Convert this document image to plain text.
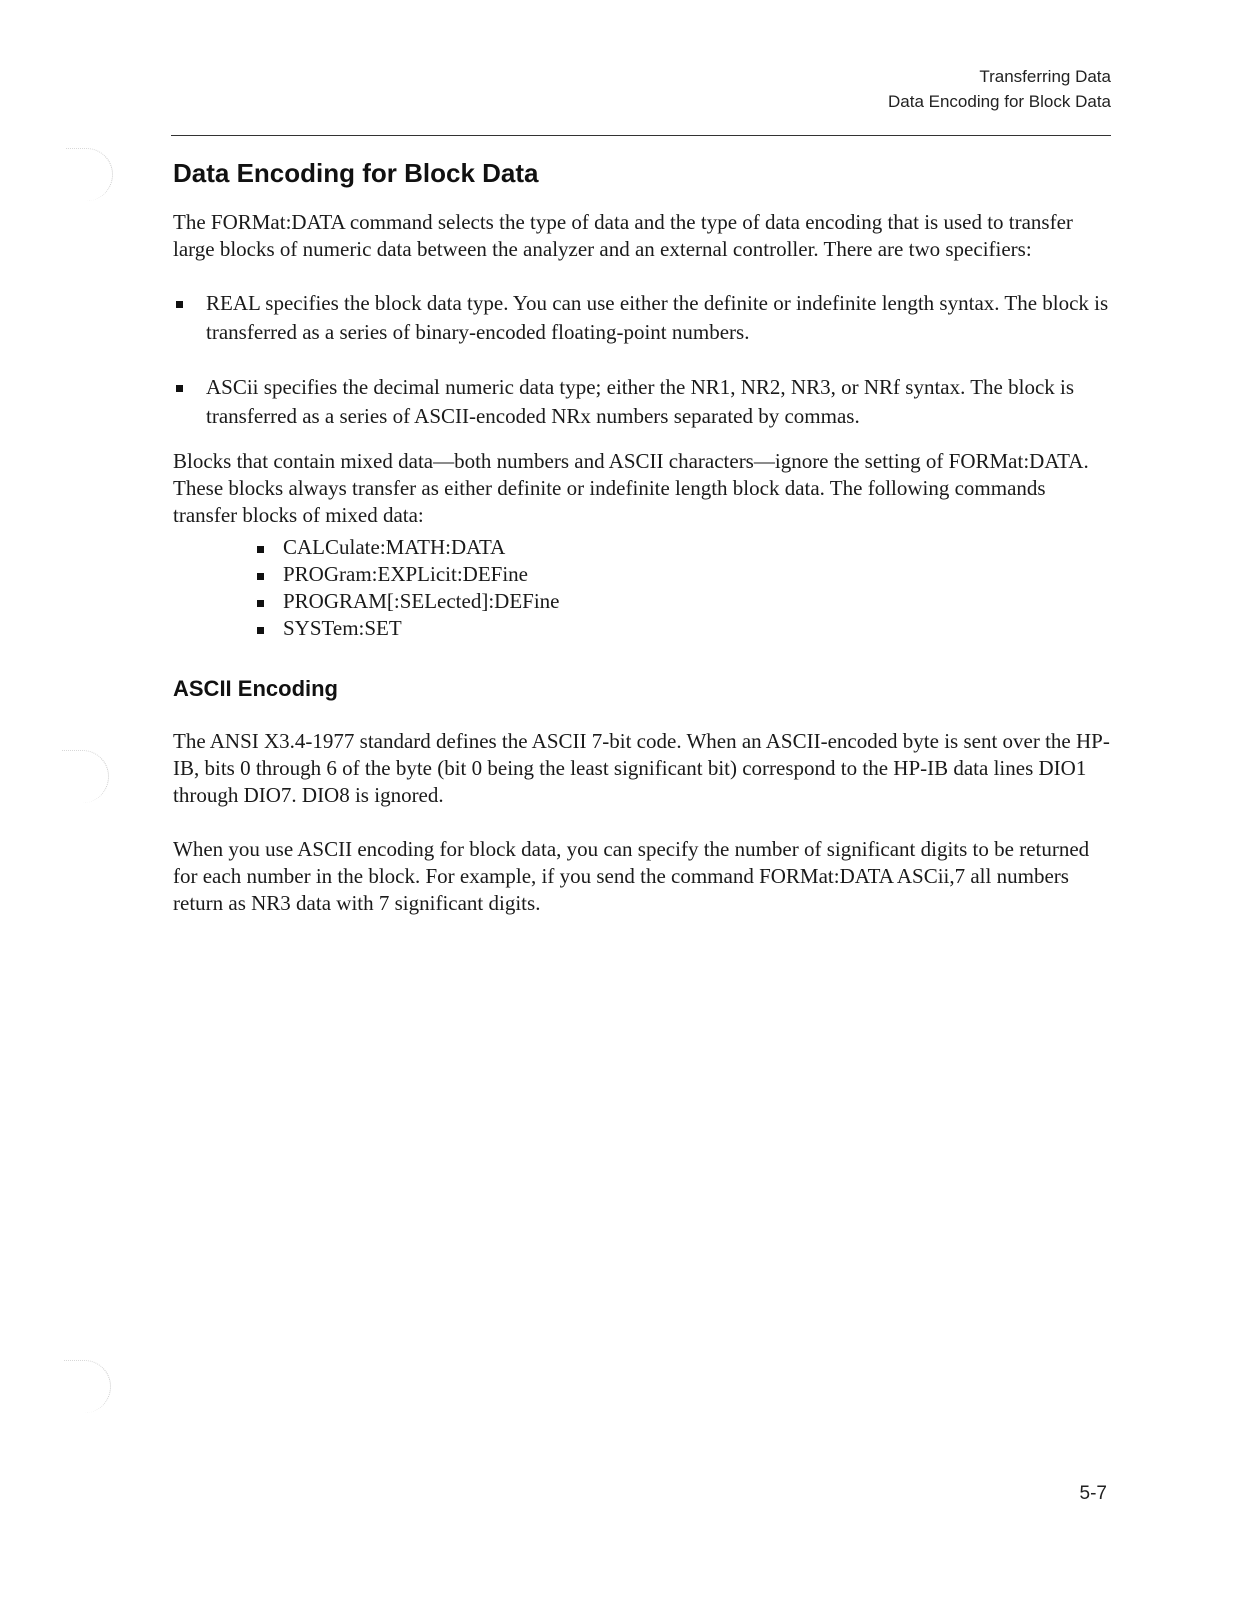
Transferring Data
Data Encoding for Block Data
Data Encoding for Block Data

The FORMat:DATA command selects the type of data and the type of data encoding that is used to transfer large blocks of numeric data between the analyzer and an external controller. There are two specifiers:

REAL specifies the block data type. You can use either the definite or indefinite length syntax. The block is transferred as a series of binary-encoded floating-point numbers.
ASCii specifies the decimal numeric data type; either the NR1, NR2, NR3, or NRf syntax. The block is transferred as a series of ASCII-encoded NRx numbers separated by commas.

Blocks that contain mixed data—both numbers and ASCII characters—ignore the setting of FORMat:DATA. These blocks always transfer as either definite or indefinite length block data. The following commands transfer blocks of mixed data:

CALCulate:MATH:DATA
PROGram:EXPLicit:DEFine
PROGRAM[:SELected]:DEFine
SYSTem:SET
ASCII Encoding

The ANSI X3.4-1977 standard defines the ASCII 7-bit code. When an ASCII-encoded byte is sent over the HP-IB, bits 0 through 6 of the byte (bit 0 being the least significant bit) correspond to the HP-IB data lines DIO1 through DIO7. DIO8 is ignored.

When you use ASCII encoding for block data, you can specify the number of significant digits to be returned for each number in the block. For example, if you send the command FORMat:DATA ASCii,7 all numbers return as NR3 data with 7 significant digits.

5-7
